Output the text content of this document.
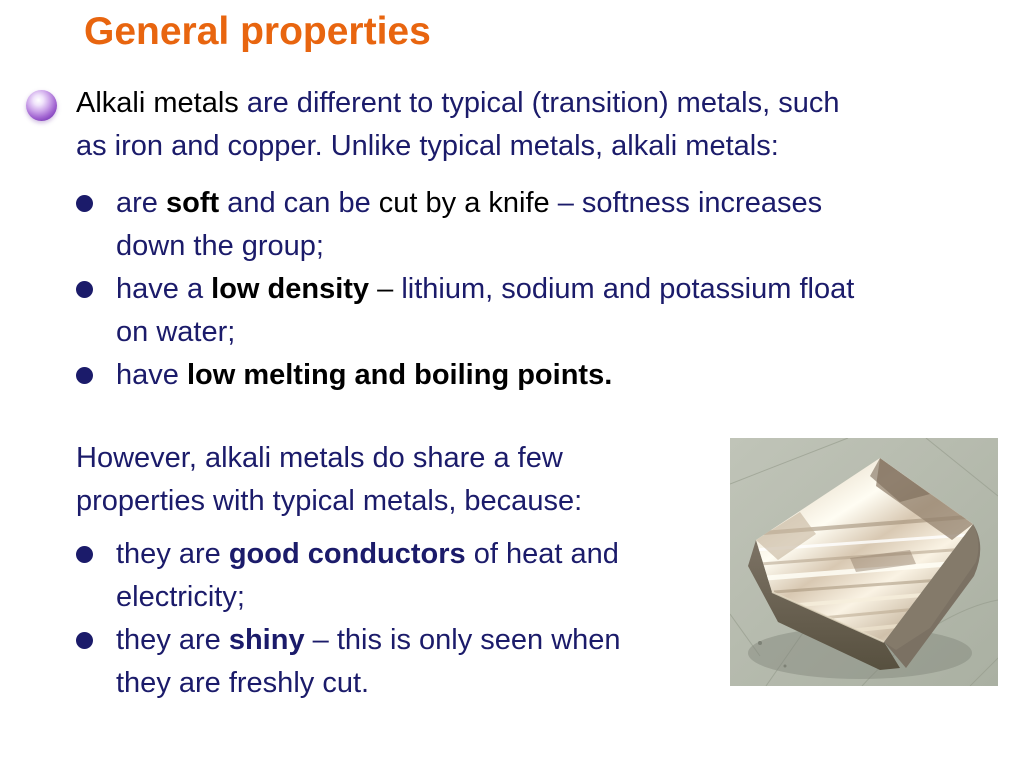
General properties
Alkali metals are different to typical (transition) metals, such
as iron and copper. Unlike typical metals, alkali metals:
are soft and can be cut by a knife – softness increases
down the group;
have a low density – lithium, sodium and potassium float
on water;
have low melting and boiling points.
However, alkali metals do share a few
properties with typical metals, because:
they are good conductors of heat and
electricity;
they are shiny – this is only seen when
they are freshly cut.
